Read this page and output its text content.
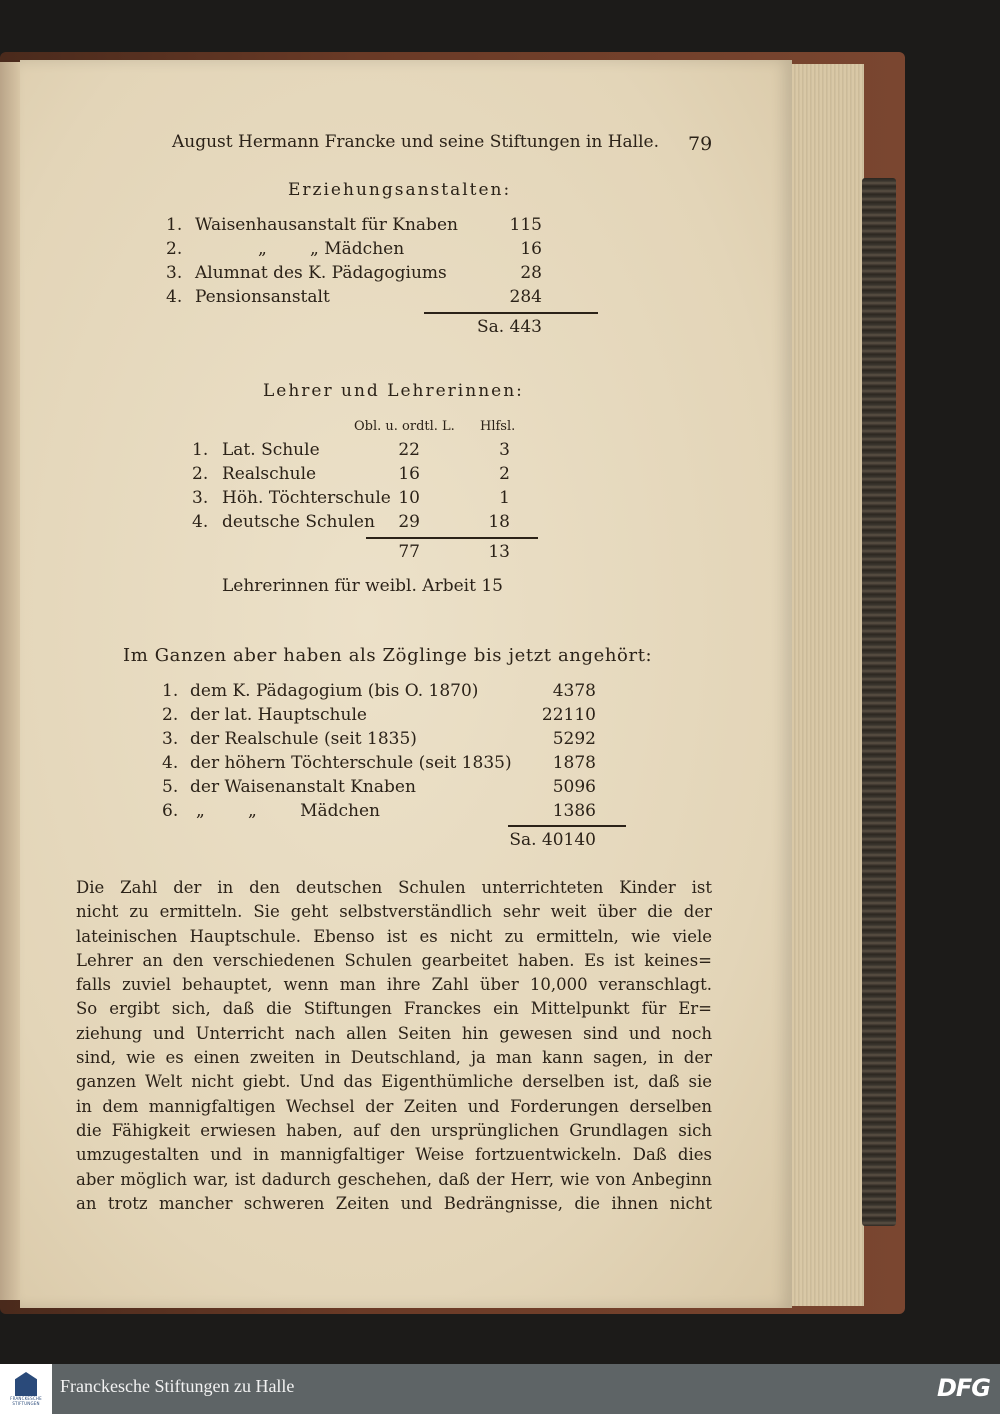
August Hermann Francke und seine Stiftungen in Halle. 79

Erziehungsanstalten:

1. Waisenhausanstalt für Knaben	115

2.	„        „ Mädchen	16

3. Alumnat des K. Pädagogiums	28

4. Pensionsanstalt	284

Sa. 443

Lehrer und Lehrerinnen:

Obl. u. ordtl. L. Hlfsl.

1. Lat. Schule	22	3

2. Realschule	16	2

3. Höh. Töchterschule 10	1

4. deutsche Schulen	29	18

77	13

Lehrerinnen für weibl. Arbeit 15

Im Ganzen aber haben als Zöglinge bis jetzt angehört:

1. dem K. Pädagogium (bis O. 1870)	4378

2. der lat. Hauptschule	22110

3. der Realschule (seit 1835)	5292

4. der höhern Töchterschule (seit 1835)	1878

5. der Waisenanstalt Knaben	5096

6. „        „        Mädchen	1386

Sa. 40140

Die Zahl der in den deutschen Schulen unterrichteten Kinder ist
nicht zu ermitteln. Sie geht selbstverständlich sehr weit über die der
lateinischen Hauptschule. Ebenso ist es nicht zu ermitteln, wie viele
Lehrer an den verschiedenen Schulen gearbeitet haben. Es ist keines=
falls zuviel behauptet, wenn man ihre Zahl über 10,000 veranschlagt.
So ergibt sich, daß die Stiftungen Franckes ein Mittelpunkt für Er=
ziehung und Unterricht nach allen Seiten hin gewesen sind und noch
sind, wie es einen zweiten in Deutschland, ja man kann sagen, in der
ganzen Welt nicht giebt. Und das Eigenthümliche derselben ist, daß sie
in dem mannigfaltigen Wechsel der Zeiten und Forderungen derselben
die Fähigkeit erwiesen haben, auf den ursprünglichen Grundlagen sich
umzugestalten und in mannigfaltiger Weise fortzuentwickeln. Daß dies
aber möglich war, ist dadurch geschehen, daß der Herr, wie von Anbeginn
an trotz mancher schweren Zeiten und Bedrängnisse, die ihnen nicht
FRANCKESCHE
STIFTUNGEN
Franckesche Stiftungen zu Halle	DFG
